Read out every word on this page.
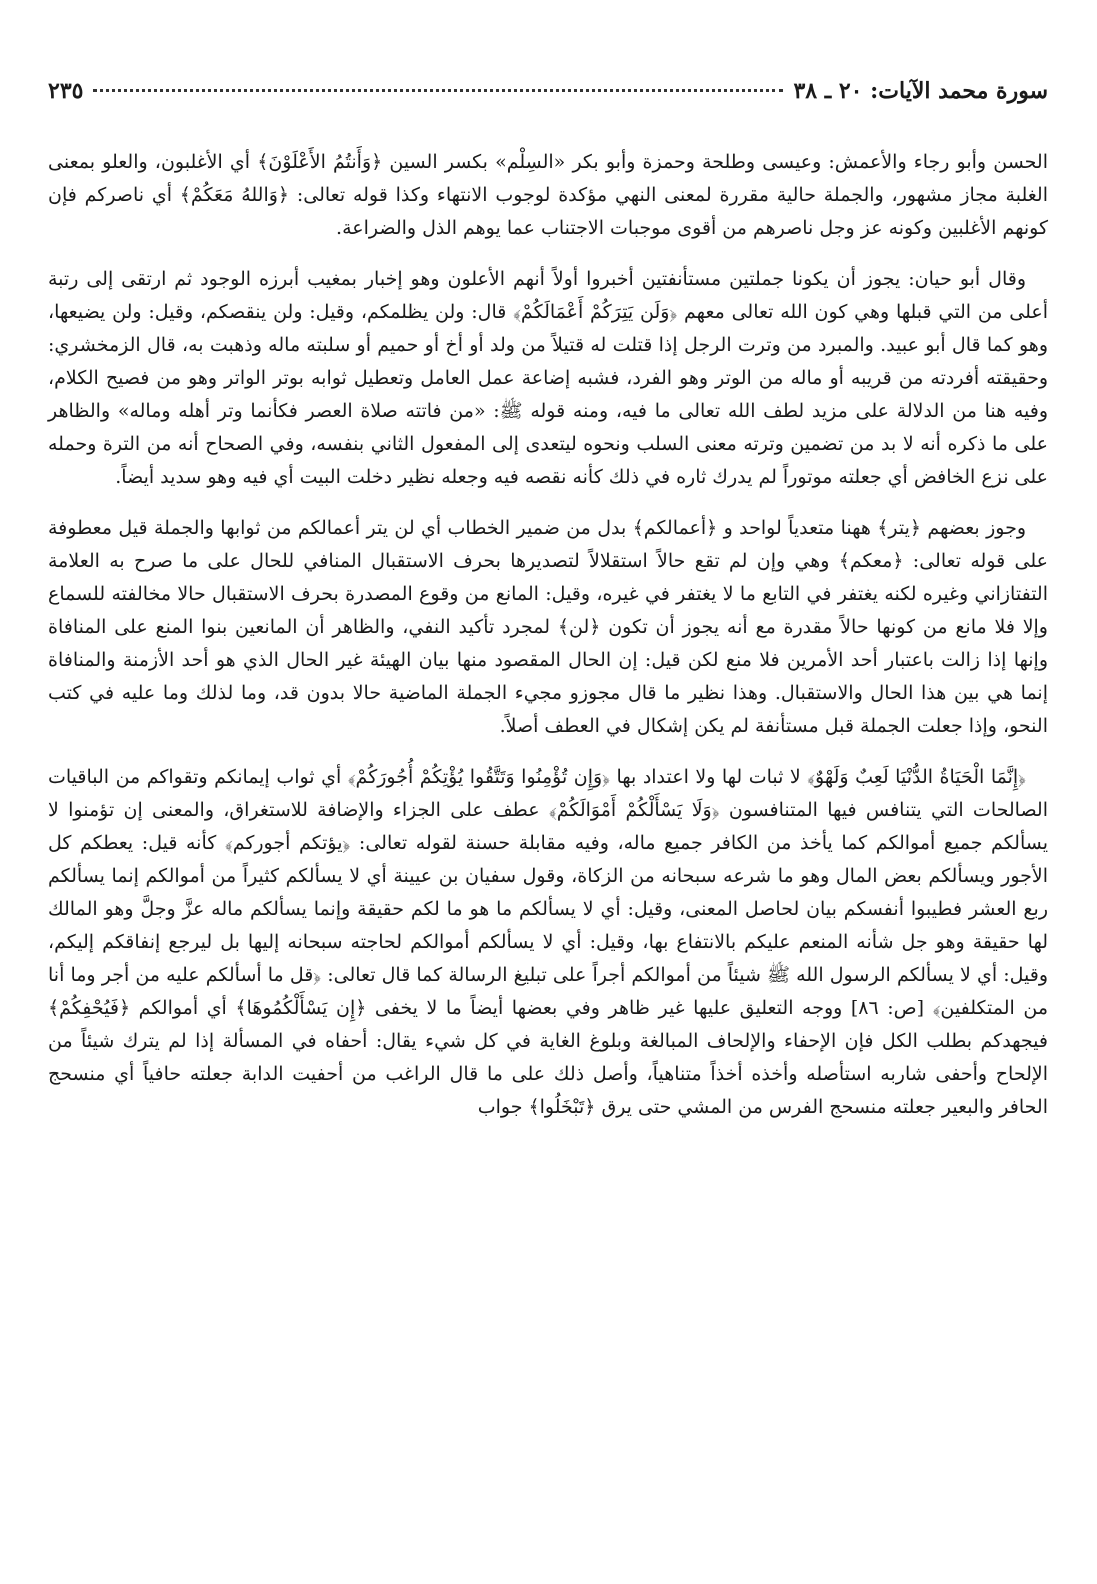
سورة محمد الآيات: ٢٠ ـ ٣٨
٢٣٥

الحسن وأبو رجاء والأعمش: وعيسى وطلحة وحمزة وأبو بكر «السِلْم» بكسر السين ﴿وَأَنتُمُ الأَعْلَوْنَ﴾ أي الأغلبون، والعلو بمعنى الغلبة مجاز مشهور، والجملة حالية مقررة لمعنى النهي مؤكدة لوجوب الانتهاء وكذا قوله تعالى: ﴿وَاللهُ مَعَكُمْ﴾ أي ناصركم فإن كونهم الأغلبين وكونه عز وجل ناصرهم من أقوى موجبات الاجتناب عما يوهم الذل والضراعة.

وقال أبو حيان: يجوز أن يكونا جملتين مستأنفتين أخبروا أولاً أنهم الأعلون وهو إخبار بمغيب أبرزه الوجود ثم ارتقى إلى رتبة أعلى من التي قبلها وهي كون الله تعالى معهم ﴿وَلَن يَتِرَكُمْ أَعْمَالَكُمْ﴾ قال: ولن يظلمكم، وقيل: ولن ينقصكم، وقيل: ولن يضيعها، وهو كما قال أبو عبيد. والمبرد من وترت الرجل إذا قتلت له قتيلاً من ولد أو أخ أو حميم أو سلبته ماله وذهبت به، قال الزمخشري: وحقيقته أفردته من قريبه أو ماله من الوتر وهو الفرد، فشبه إضاعة عمل العامل وتعطيل ثوابه بوتر الواتر وهو من فصيح الكلام، وفيه هنا من الدلالة على مزيد لطف الله تعالى ما فيه، ومنه قوله ﷺ: «من فاتته صلاة العصر فكأنما وتر أهله وماله» والظاهر على ما ذكره أنه لا بد من تضمين وترته معنى السلب ونحوه ليتعدى إلى المفعول الثاني بنفسه، وفي الصحاح أنه من الترة وحمله على نزع الخافض أي جعلته موتوراً لم يدرك ثاره في ذلك كأنه نقصه فيه وجعله نظير دخلت البيت أي فيه وهو سديد أيضاً.

وجوز بعضهم ﴿يتر﴾ ههنا متعدياً لواحد و ﴿أعمالكم﴾ بدل من ضمير الخطاب أي لن يتر أعمالكم من ثوابها والجملة قيل معطوفة على قوله تعالى: ﴿معكم﴾ وهي وإن لم تقع حالاً استقلالاً لتصديرها بحرف الاستقبال المنافي للحال على ما صرح به العلامة التفتازاني وغيره لكنه يغتفر في التابع ما لا يغتفر في غيره، وقيل: المانع من وقوع المصدرة بحرف الاستقبال حالا مخالفته للسماع وإلا فلا مانع من كونها حالاً مقدرة مع أنه يجوز أن تكون ﴿لن﴾ لمجرد تأكيد النفي، والظاهر أن المانعين بنوا المنع على المنافاة وإنها إذا زالت باعتبار أحد الأمرين فلا منع لكن قيل: إن الحال المقصود منها بيان الهيئة غير الحال الذي هو أحد الأزمنة والمنافاة إنما هي بين هذا الحال والاستقبال. وهذا نظير ما قال مجوزو مجيء الجملة الماضية حالا بدون قد، وما لذلك وما عليه في كتب النحو، وإذا جعلت الجملة قبل مستأنفة لم يكن إشكال في العطف أصلاً.

﴿إِنَّمَا الْحَيَاةُ الدُّنْيَا لَعِبٌ وَلَهْوٌ﴾ لا ثبات لها ولا اعتداد بها ﴿وَإِن تُؤْمِنُوا وَتَتَّقُوا يُؤْتِكُمْ أُجُورَكُمْ﴾ أي ثواب إيمانكم وتقواكم من الباقيات الصالحات التي يتنافس فيها المتنافسون ﴿وَلَا يَسْأَلْكُمْ أَمْوَالَكُمْ﴾ عطف على الجزاء والإضافة للاستغراق، والمعنى إن تؤمنوا لا يسألكم جميع أموالكم كما يأخذ من الكافر جميع ماله، وفيه مقابلة حسنة لقوله تعالى: ﴿يؤتكم أجوركم﴾ كأنه قيل: يعطكم كل الأجور ويسألكم بعض المال وهو ما شرعه سبحانه من الزكاة، وقول سفيان بن عيينة أي لا يسألكم كثيراً من أموالكم إنما يسألكم ربع العشر فطيبوا أنفسكم بيان لحاصل المعنى، وقيل: أي لا يسألكم ما هو ما لكم حقيقة وإنما يسألكم ماله عزَّ وجلَّ وهو المالك لها حقيقة وهو جل شأنه المنعم عليكم بالانتفاع بها، وقيل: أي لا يسألكم أموالكم لحاجته سبحانه إليها بل ليرجع إنفاقكم إليكم، وقيل: أي لا يسألكم الرسول الله ﷺ شيئاً من أموالكم أجراً على تبليغ الرسالة كما قال تعالى: ﴿قل ما أسألكم عليه من أجر وما أنا من المتكلفين﴾ [ص: ٨٦] ووجه التعليق عليها غير ظاهر وفي بعضها أيضاً ما لا يخفى ﴿إِن يَسْأَلْكُمُوهَا﴾ أي أموالكم ﴿فَيُحْفِكُمْ﴾ فيجهدكم بطلب الكل فإن الإحفاء والإلحاف المبالغة وبلوغ الغاية في كل شيء يقال: أحفاه في المسألة إذا لم يترك شيئاً من الإلحاح وأحفى شاربه استأصله وأخذه أخذاً متناهياً، وأصل ذلك على ما قال الراغب من أحفيت الدابة جعلته حافياً أي منسحج الحافر والبعير جعلته منسحج الفرس من المشي حتى يرق ﴿تَبْخَلُوا﴾ جواب
